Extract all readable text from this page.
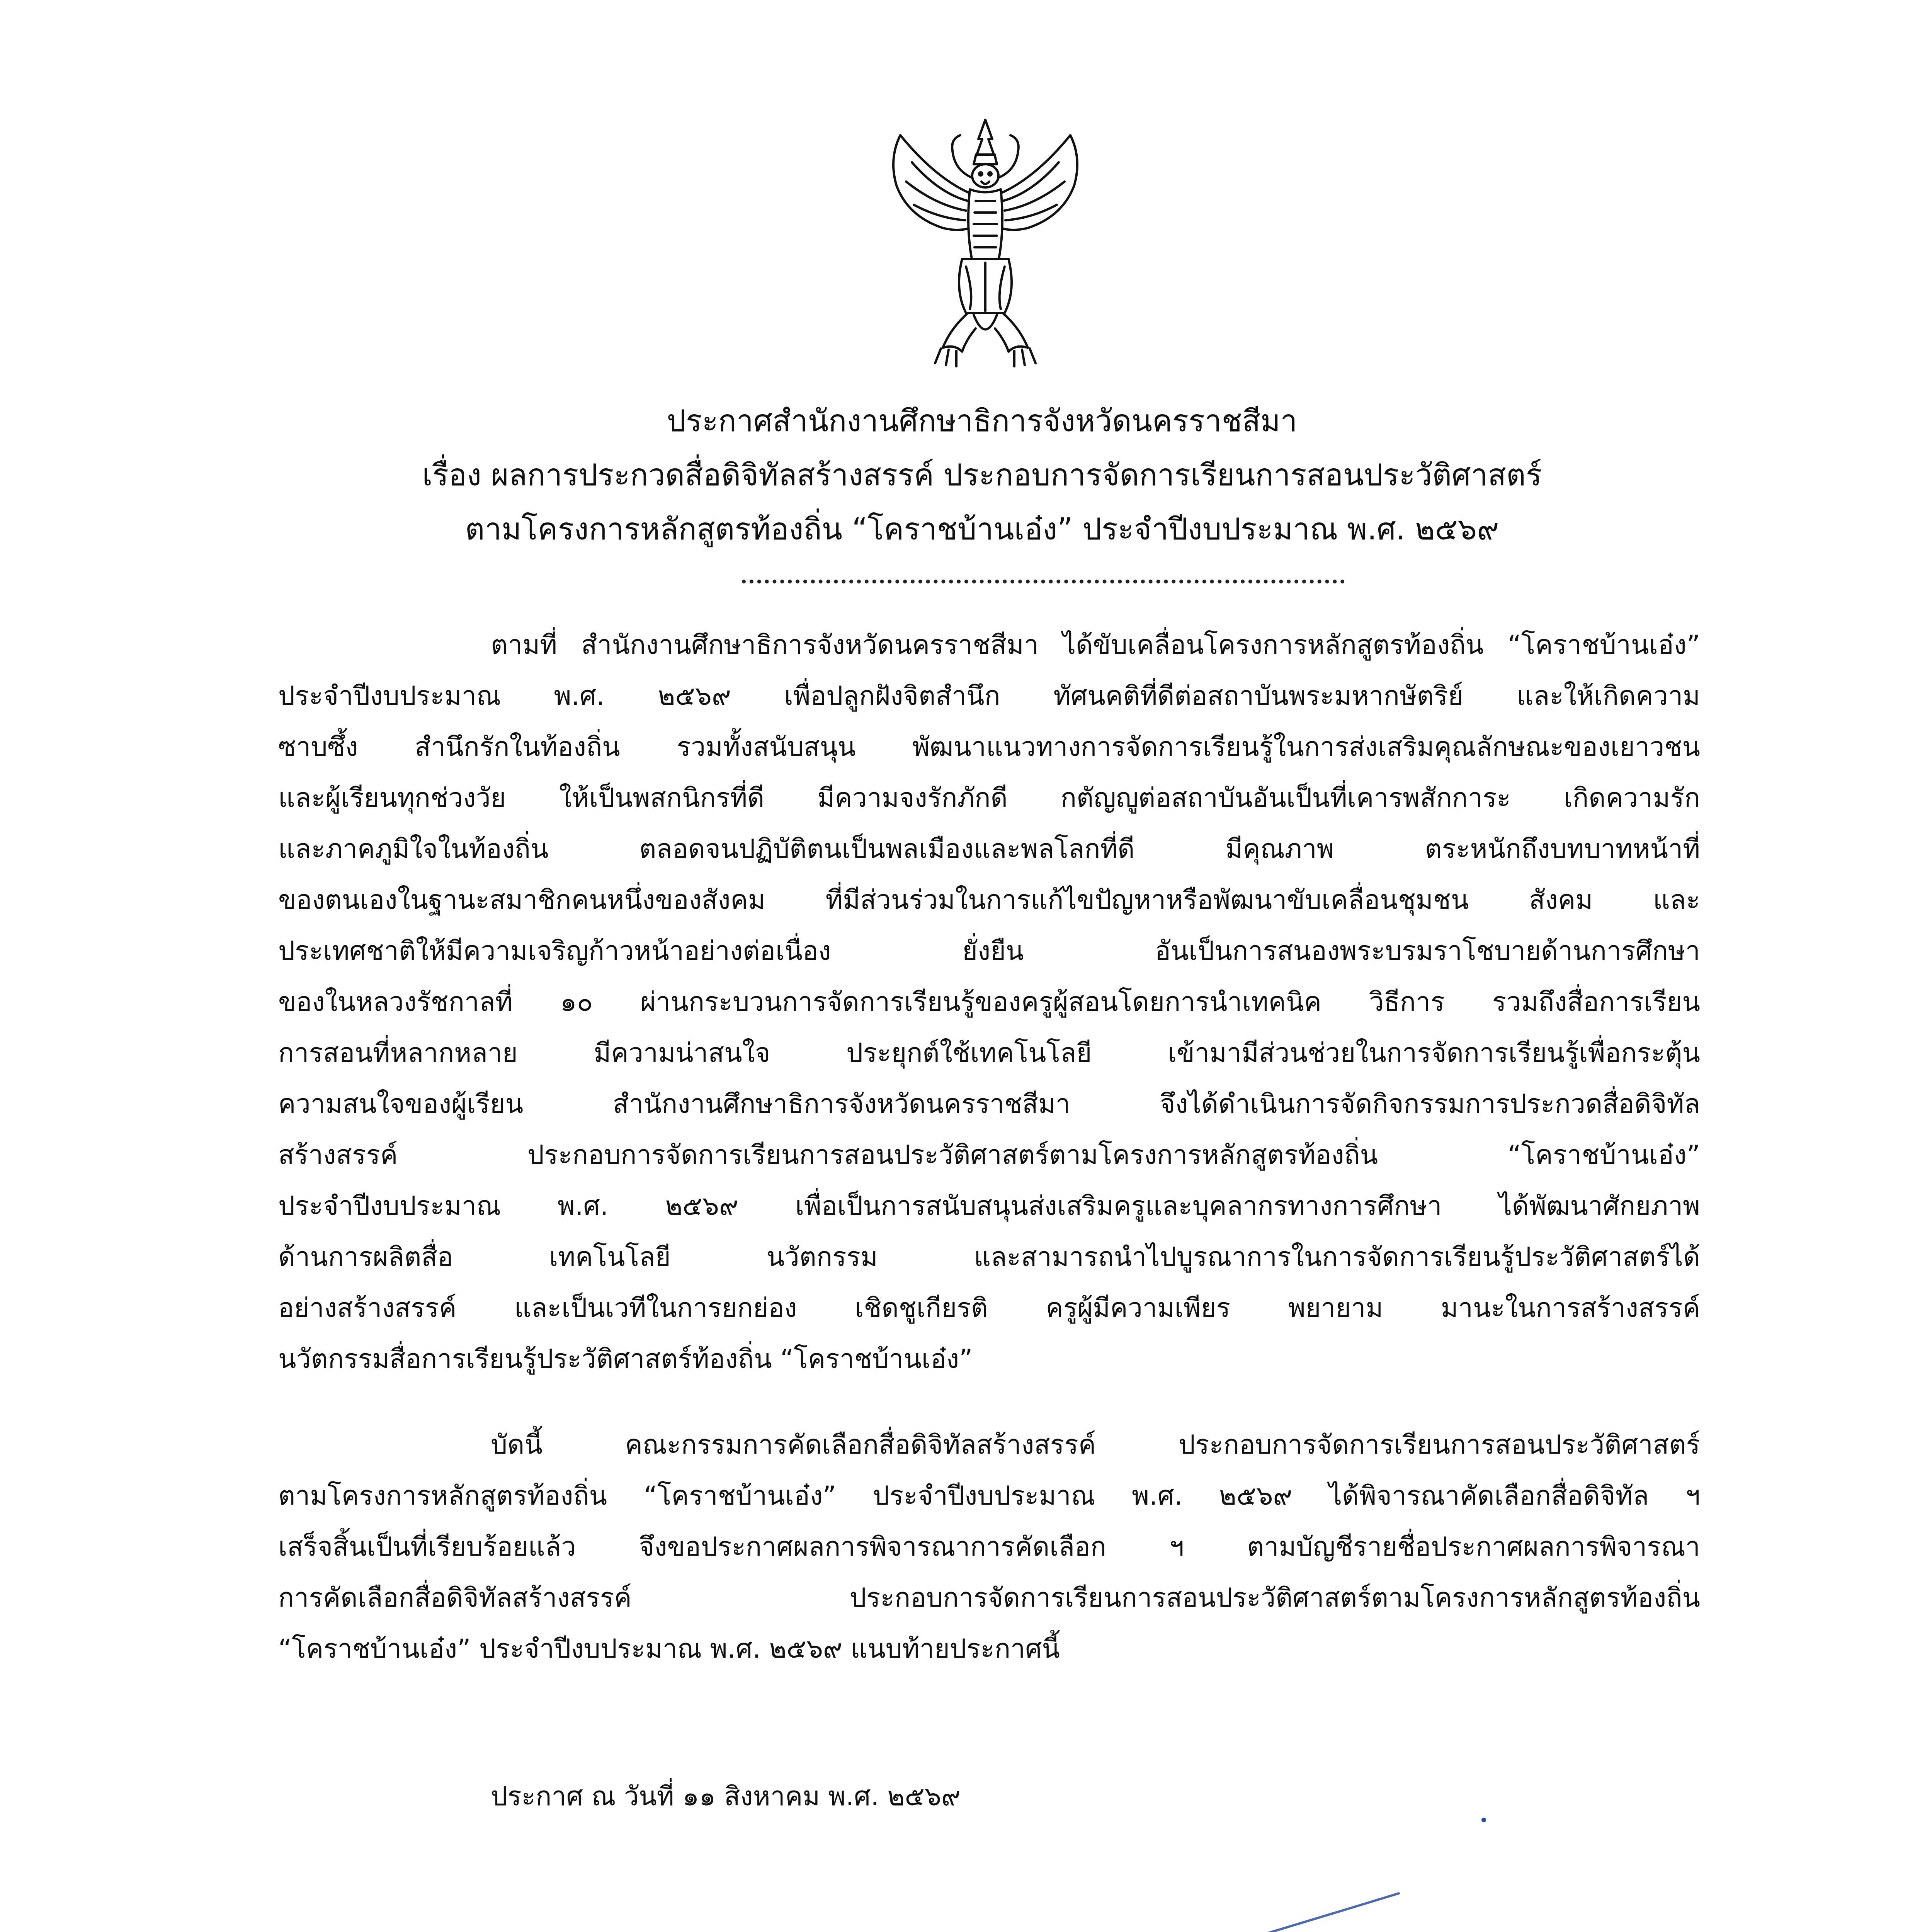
ประกาศสำนักงานศึกษาธิการจังหวัดนครราชสีมา
เรื่อง ผลการประกวดสื่อดิจิทัลสร้างสรรค์ ประกอบการจัดการเรียนการสอนประวัติศาสตร์
ตามโครงการหลักสูตรท้องถิ่น “โคราชบ้านเอ๋ง” ประจำปีงบประมาณ พ.ศ. ๒๕๖๙
ตามที่ สำนักงานศึกษาธิการจังหวัดนครราชสีมา ได้ขับเคลื่อนโครงการหลักสูตรท้องถิ่น “โคราชบ้านเอ๋ง”
ประจำปีงบประมาณ พ.ศ. ๒๕๖๙ เพื่อปลูกฝังจิตสำนึก ทัศนคติที่ดีต่อสถาบันพระมหากษัตริย์ และให้เกิดความ
ซาบซึ้ง สำนึกรักในท้องถิ่น รวมทั้งสนับสนุน พัฒนาแนวทางการจัดการเรียนรู้ในการส่งเสริมคุณลักษณะของเยาวชน
และผู้เรียนทุกช่วงวัย ให้เป็นพสกนิกรที่ดี มีความจงรักภักดี กตัญญูต่อสถาบันอันเป็นที่เคารพสักการะ เกิดความรัก
และภาคภูมิใจในท้องถิ่น ตลอดจนปฏิบัติตนเป็นพลเมืองและพลโลกที่ดี มีคุณภาพ ตระหนักถึงบทบาทหน้าที่
ของตนเองในฐานะสมาชิกคนหนึ่งของสังคม ที่มีส่วนร่วมในการแก้ไขปัญหาหรือพัฒนาขับเคลื่อนชุมชน สังคม และ
ประเทศชาติให้มีความเจริญก้าวหน้าอย่างต่อเนื่อง ยั่งยืน อันเป็นการสนองพระบรมราโชบายด้านการศึกษา
ของในหลวงรัชกาลที่ ๑๐ ผ่านกระบวนการจัดการเรียนรู้ของครูผู้สอนโดยการนำเทคนิค วิธีการ รวมถึงสื่อการเรียน
การสอนที่หลากหลาย มีความน่าสนใจ ประยุกต์ใช้เทคโนโลยี เข้ามามีส่วนช่วยในการจัดการเรียนรู้เพื่อกระตุ้น
ความสนใจของผู้เรียน สำนักงานศึกษาธิการจังหวัดนครราชสีมา จึงได้ดำเนินการจัดกิจกรรมการประกวดสื่อดิจิทัล
สร้างสรรค์ ประกอบการจัดการเรียนการสอนประวัติศาสตร์ตามโครงการหลักสูตรท้องถิ่น “โคราชบ้านเอ๋ง”
ประจำปีงบประมาณ พ.ศ. ๒๕๖๙ เพื่อเป็นการสนับสนุนส่งเสริมครูและบุคลากรทางการศึกษา ได้พัฒนาศักยภาพ
ด้านการผลิตสื่อ เทคโนโลยี นวัตกรรม และสามารถนำไปบูรณาการในการจัดการเรียนรู้ประวัติศาสตร์ได้
อย่างสร้างสรรค์ และเป็นเวทีในการยกย่อง เชิดชูเกียรติ ครูผู้มีความเพียร พยายาม มานะในการสร้างสรรค์
นวัตกรรมสื่อการเรียนรู้ประวัติศาสตร์ท้องถิ่น “โคราชบ้านเอ๋ง”
บัดนี้ คณะกรรมการคัดเลือกสื่อดิจิทัลสร้างสรรค์ ประกอบการจัดการเรียนการสอนประวัติศาสตร์
ตามโครงการหลักสูตรท้องถิ่น “โคราชบ้านเอ๋ง” ประจำปีงบประมาณ พ.ศ. ๒๕๖๙ ได้พิจารณาคัดเลือกสื่อดิจิทัล ฯ
เสร็จสิ้นเป็นที่เรียบร้อยแล้ว จึงขอประกาศผลการพิจารณาการคัดเลือก ฯ ตามบัญชีรายชื่อประกาศผลการพิจารณา
การคัดเลือกสื่อดิจิทัลสร้างสรรค์ ประกอบการจัดการเรียนการสอนประวัติศาสตร์ตามโครงการหลักสูตรท้องถิ่น
“โคราชบ้านเอ๋ง” ประจำปีงบประมาณ พ.ศ. ๒๕๖๙ แนบท้ายประกาศนี้
ประกาศ ณ วันที่ ๑๑ สิงหาคม พ.ศ. ๒๕๖๙
